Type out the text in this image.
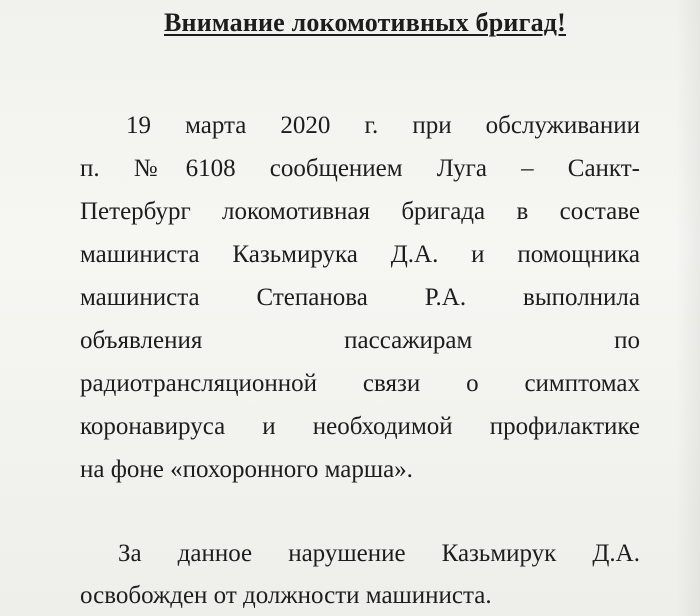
Внимание локомотивных бригад!
19 марта 2020 г. при обслуживании
п. №6108 сообщением Луга – Санкт-
Петербург локомотивная бригада в составе
машиниста Казьмирука Д.А. и помощника
машиниста Степанова Р.А. выполнила
объявления пассажирам по
радиотрансляционной связи о симптомах
коронавируса и необходимой профилактике
на фоне «похоронного марша».
За данное нарушение Казьмирук Д.А.
освобожден от должности машиниста.
